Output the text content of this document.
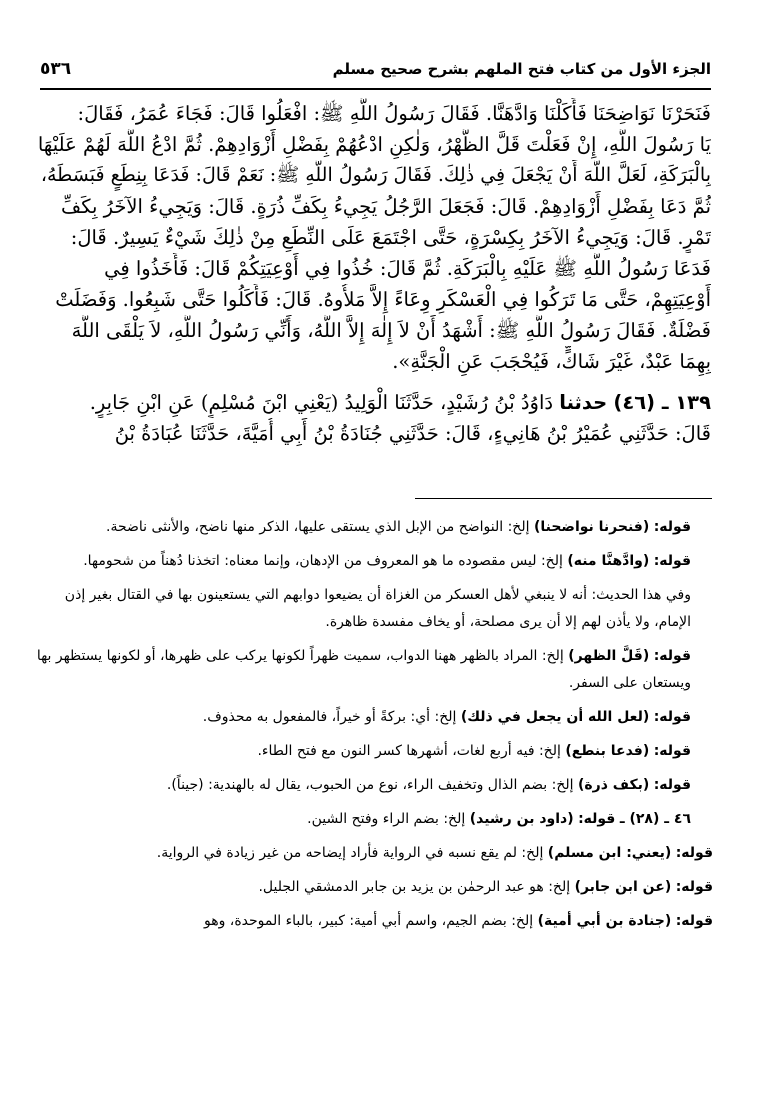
الجزء الأول من كتاب فتح الملهم بشرح صحيح مسلم
٥٣٦
فَنَحَرْنَا نَوَاضِحَنَا فَأَكَلْنَا وَادَّهَنَّا. فَقَالَ رَسُولُ اللَّهِ ﷺ: افْعَلُوا قَالَ: فَجَاءَ عُمَرُ، فَقَالَ:
يَا رَسُولَ اللَّهِ، إِنْ فَعَلْتَ قَلَّ الظَّهْرُ، وَلٰكِنِ ادْعُهُمْ بِفَضْلِ أَزْوَادِهِمْ. ثُمَّ ادْعُ اللَّهَ لَهُمْ عَلَيْهَا
بِالْبَرَكَةِ، لَعَلَّ اللَّهَ أَنْ يَجْعَلَ فِي ذٰلِكَ. فَقَالَ رَسُولُ اللَّهِ ﷺ: نَعَمْ قَالَ: فَدَعَا بِنِطَعٍ فَبَسَطَهُ،
ثُمَّ دَعَا بِفَضْلِ أَزْوَادِهِمْ. قَالَ: فَجَعَلَ الرَّجُلُ يَجِيءُ بِكَفِّ ذُرَةٍ. قَالَ: وَيَجِيءُ الآخَرُ بِكَفِّ
تَمْرٍ. قَالَ: وَيَجِيءُ الآخَرُ بِكِسْرَةٍ، حَتَّى اجْتَمَعَ عَلَى النِّطَعِ مِنْ ذٰلِكَ شَيْءٌ يَسِيرٌ. قَالَ:
فَدَعَا رَسُولُ اللَّهِ ﷺ عَلَيْهِ بِالْبَرَكَةِ. ثُمَّ قَالَ: خُذُوا فِي أَوْعِيَتِكُمْ قَالَ: فَأَخَذُوا فِي
أَوْعِيَتِهِمْ، حَتَّى مَا تَرَكُوا فِي الْعَسْكَرِ وِعَاءً إِلاَّ مَلأُوهُ. قَالَ: فَأَكَلُوا حَتَّى شَبِعُوا. وَفَضَلَتْ
فَضْلَةٌ. فَقَالَ رَسُولُ اللَّهِ ﷺ: أَشْهَدُ أَنْ لاَ إِلٰهَ إِلاَّ اللَّهُ، وَأَنِّي رَسُولُ اللَّهِ، لاَ يَلْقَى اللَّهَ
بِهِمَا عَبْدٌ، غَيْرَ شَاكٍّ، فَيُحْجَبَ عَنِ الْجَنَّةِ».
١٣٩ ـ (٤٦) حدثنا دَاوُدُ بْنُ رُشَيْدٍ، حَدَّثَنَا الْوَلِيدُ (يَعْنِي ابْنَ مُسْلِمٍ) عَنِ ابْنِ جَابِرٍ.
قَالَ: حَدَّثَنِي عُمَيْرُ بْنُ هَانِيءٍ، قَالَ: حَدَّثَنِي جُنَادَةُ بْنُ أَبِي أُمَيَّةَ، حَدَّثَنَا عُبَادَةُ بْنُ

قوله: (فنحرنا نواضحنا) إلخ: النواضح من الإبل الذي يستقى عليها، الذكر منها ناضح، والأنثى ناضحة.

قوله: (وادَّهنَّا منه) إلخ: ليس مقصوده ما هو المعروف من الإدهان، وإنما معناه: اتخذنا دُهناً من شحومها.

وفي هذا الحديث: أنه لا ينبغي لأهل العسكر من الغزاة أن يضيعوا دوابهم التي يستعينون بها في القتال بغير إذن الإمام، ولا يأذن لهم إلا أن يرى مصلحة، أو يخاف مفسدة ظاهرة.

قوله: (قَلَّ الظهر) إلخ: المراد بالظهر ههنا الدواب، سميت ظهراً لكونها يركب على ظهرها، أو لكونها يستظهر بها ويستعان على السفر.

قوله: (لعل الله أن يجعل في ذلك) إلخ: أي: بركةً أو خيراً، فالمفعول به محذوف.

قوله: (فدعا بنطع) إلخ: فيه أربع لغات، أشهرها كسر النون مع فتح الطاء.

قوله: (بكف ذرة) إلخ: بضم الذال وتخفيف الراء، نوع من الحبوب، يقال له بالهندية: (جيناً).

٤٦ ـ (٢٨) ـ قوله: (داود بن رشيد) إلخ: بضم الراء وفتح الشين.

قوله: (يعني: ابن مسلم) إلخ: لم يقع نسبه في الرواية فأراد إيضاحه من غير زيادة في الرواية.

قوله: (عن ابن جابر) إلخ: هو عبد الرحمٰن بن يزيد بن جابر الدمشقي الجليل.

قوله: (جنادة بن أبي أمية) إلخ: بضم الجيم، واسم أبي أمية: كبير، بالباء الموحدة، وهو
